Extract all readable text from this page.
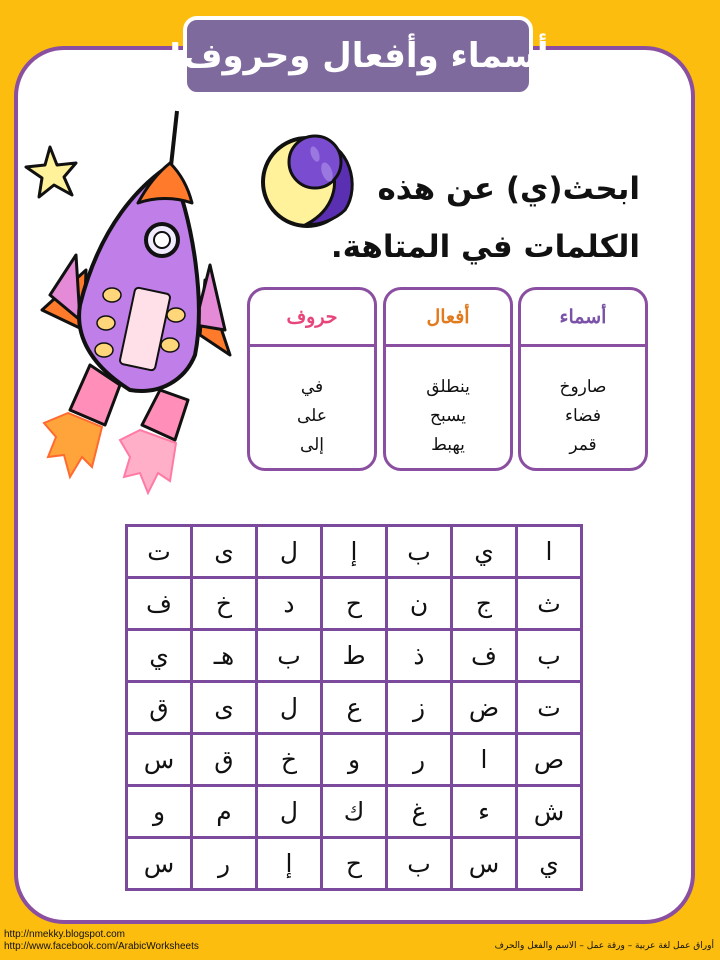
أسماء وأفعال وحروف!
ابحث(ي) عن هذه
الكلمات في المتاهة.
أسماء
صاروخ
فضاء
قمر
أفعال
ينطلق
يسبح
يهبط
حروف
في
على
إلى
ا	ي	ب	إ	ل	ى	ت
ث	ج	ن	ح	د	خ	ف
ب	ف	ذ	ط	ب	هـ	ي
ت	ض	ز	ع	ل	ى	ق
ص	ا	ر	و	خ	ق	س
ش	ء	غ	ك	ل	م	و
ي	س	ب	ح	إ	ر	س
http://nmekky.blogspot.com
http://www.facebook.com/ArabicWorksheets	أوراق عمل لغة عربية – ورقة عمل – الاسم والفعل والحرف
